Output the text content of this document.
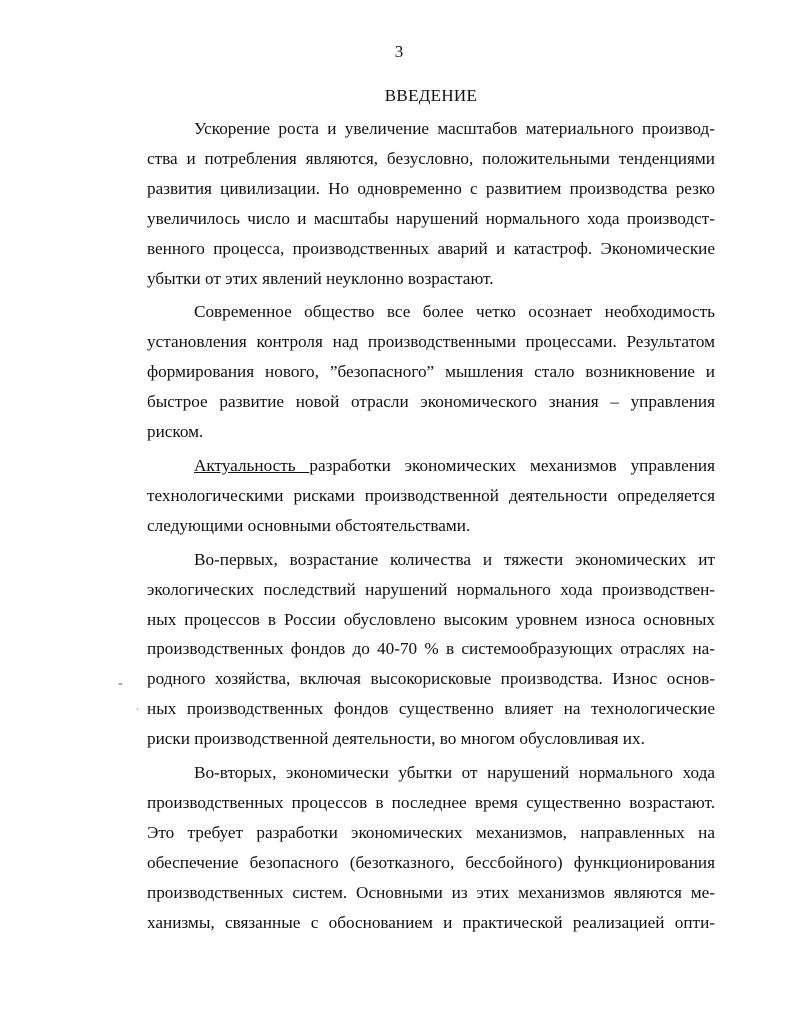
3
ВВЕДЕНИЕ

Ускорение роста и увеличение масштабов материального производ-
ства и потребления являются, безусловно, положительными тенденциями
развития цивилизации. Но одновременно с развитием производства резко
увеличилось число и масштабы нарушений нормального хода производст-
венного процесса, производственных аварий и катастроф. Экономические
убытки от этих явлений неуклонно возрастают.

Современное общество все более четко осознает необходимость
установления контроля над производственными процессами. Результатом
формирования нового, ”безопасного” мышления стало возникновение и
быстрое развитие новой отрасли экономического знания – управления
риском.

Актуальность разработки экономических механизмов управления
технологическими рисками производственной деятельности определяется
следующими основными обстоятельствами.

Во-первых, возрастание количества и тяжести экономических ит
экологических последствий нарушений нормального хода производствен-
ных процессов в России обусловлено высоким уровнем износа основных
производственных фондов до 40-70 % в системообразующих отраслях на-
родного хозяйства, включая высокорисковые производства. Износ основ-
ных производственных фондов существенно влияет на технологические
риски производственной деятельности, во многом обусловливая их.

Во-вторых, экономически убытки от нарушений нормального хода
производственных процессов в последнее время существенно возрастают.
Это требует разработки экономических механизмов, направленных на
обеспечение безопасного (безотказного, бессбойного) функционирования
производственных систем. Основными из этих механизмов являются ме-
ханизмы, связанные с обоснованием и практической реализацией опти-

-
`
